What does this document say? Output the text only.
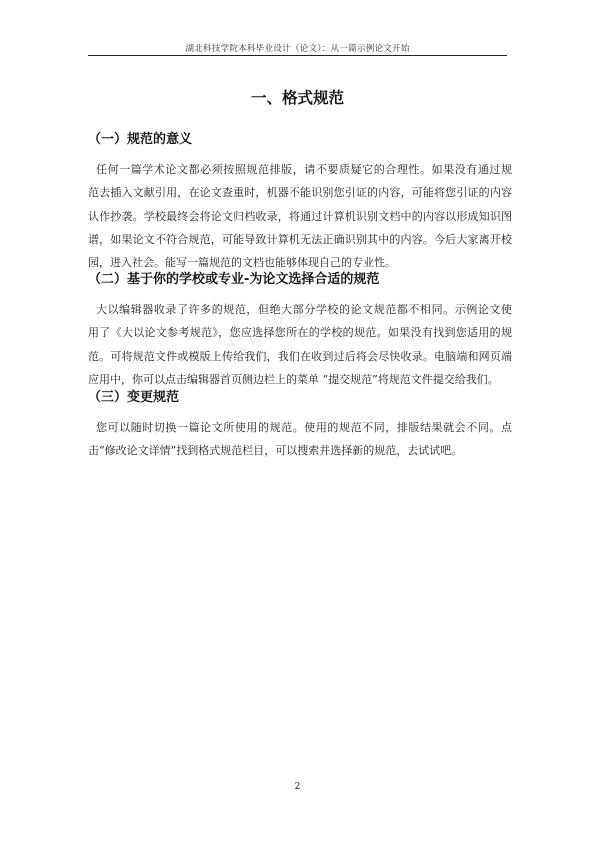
湖北科技学院本科毕业设计（论文）：从一篇示例论文开始
一、格式规范
（一）规范的意义
任何一篇学术论文都必须按照规范排版，请不要质疑它的合理性。如果没有通过规
范去插入文献引用，在论文查重时，机器不能识别您引证的内容，可能将您引证的内容
认作抄袭。学校最终会将论文归档收录，将通过计算机识别文档中的内容以形成知识图
谱，如果论文不符合规范，可能导致计算机无法正确识别其中的内容。今后大家离开校
园，进入社会。能写一篇规范的文档也能够体现自己的专业性。
（二）基于你的学校或专业-为论文选择合适的规范
大以编辑器收录了许多的规范，但绝大部分学校的论文规范都不相同。示例论文使
用了《大以论文参考规范》，您应选择您所在的学校的规范。如果没有找到您适用的规
范。可将规范文件或模版上传给我们，我们在收到过后将会尽快收录。电脑端和网页端
应用中，你可以点击编辑器首页侧边栏上的菜单 “提交规范”将规范文件提交给我们。
（三）变更规范
您可以随时切换一篇论文所使用的规范。使用的规范不同，排版结果就会不同。点
击“修改论文详情”找到格式规范栏目，可以搜索并选择新的规范，去试试吧。
大以论文
2
